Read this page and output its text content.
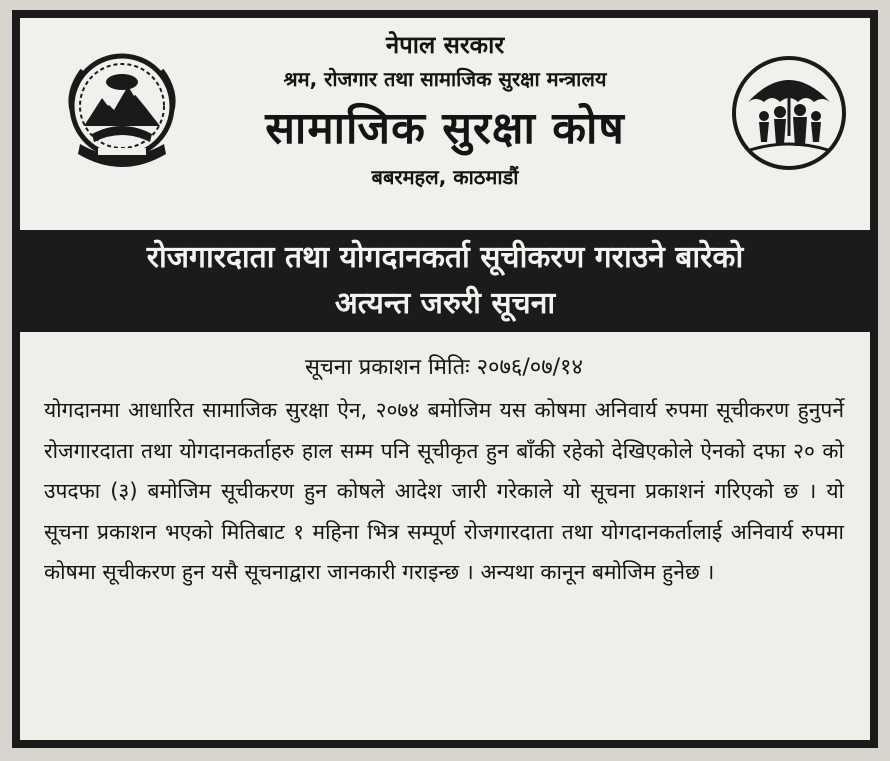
नेपाल सरकार
श्रम, रोजगार तथा सामाजिक सुरक्षा मन्त्रालय
सामाजिक सुरक्षा कोष
बबरमहल, काठमाडौं
रोजगारदाता तथा योगदानकर्ता सूचीकरण गराउने बारेको
अत्यन्त जरुरी सूचना
सूचना प्रकाशन मितिः २०७६/०७/१४
योगदानमा आधारित सामाजिक सुरक्षा ऐन, २०७४ बमोजिम यस कोषमा अनिवार्य रुपमा सूचीकरण हुनुपर्ने रोजगारदाता तथा योगदानकर्ताहरु हाल सम्म पनि सूचीकृत हुन बाँकी रहेको देखिएकोले ऐनको दफा २० को उपदफा (३) बमोजिम सूचीकरण हुन कोषले आदेश जारी गरेकाले यो सूचना प्रकाशनं गरिएको छ । यो सूचना प्रकाशन भएको मितिबाट १ महिना भित्र सम्पूर्ण रोजगारदाता तथा योगदानकर्तालाई अनिवार्य रुपमा कोषमा सूचीकरण हुन यसै सूचनाद्वारा जानकारी गराइन्छ । अन्यथा कानून बमोजिम हुनेछ ।
